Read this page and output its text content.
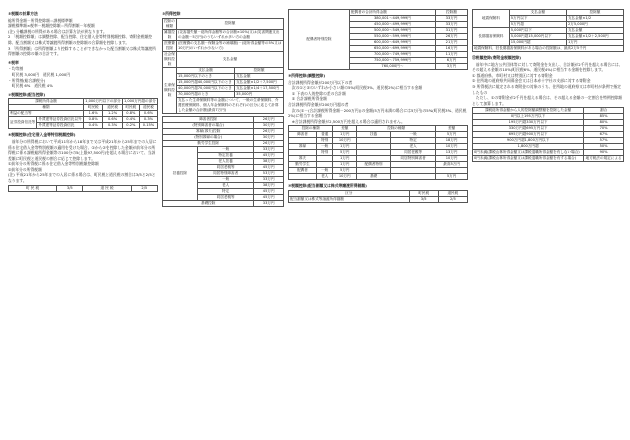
⑤税額の計算方法
総所得金額－所得控除額＝課税標準額
課税標準額×税率－税額控除額＝所得割額－年税額
(注) 分離課税の所得がある場合は計算方法が異なります。
2 「税額控除額」は調整控除、配当控除、住宅借入金等特別税額控除、寄附金税額控除、配当割額又は株式等譲渡所得割額の控除額の合算額を控除します。
3 「所得割額」は所得割額より控除することができなかった配当割額又は株式等譲渡所得割額の控除の額の合計です。
⑥税率
・均等割
　町民税 3,000円　道民税 1,000円
・所得割(総合課税分)
　町民税 6%　道民税 4%
⑦税額控除(配当控除)
課税所得金額		1,000万円以下の部分		1,000万円超の部分	
種類		町民税	道民税	町民税	道民税
利益の配当等		1.6%	1.2%	0.8%	0.6%
証券投資信託等	外貨建等証券投資信託以外	0.8%	0.6%	0.4%	0.3%
	外貨建等証券投資信託	0.4%	0.3%	0.2%	0.15%
⑧税額控除(住宅借入金等特別税額控除)
　前年分の所得税において平成11年から18年まで又は平成21年から25年までの入居に係る住宅借入金等特別税額の適用を受けた場合、①から②を控除した金額が前年分の所得税に係る課税総所得金額等の100分の5(上限97,500円)を超える場合において、当該差額に町民税と道民税の割合に応じて控除します。
①前年分の所得税に係る住宅借入金等特別税額控除額
②前年分の所得税額
(注) 平成21年から25年までの入居に係る場合は、町民税と道民税の割合は3/5と2/5となります。
町 民 税	3/5	道 民 税	2/5
③所得控除
控除の種類	控除額	
雑損控除	(災害損失額－総所得金額等の合計額×10%)又は(災害関連支出の金額－5万円)のうちいずれか多い方の金額	
医療費控除	(医療費の支払額－保険金等の補填額)－(総所得金額等の5%又は10万円のいずれか少ない方)	
社会保険料控除	支払金額	
生命保険料控除	支払金額	控除額
	15,000円以下のとき	支払金額
	15,000円超40,000円以下のとき	支払金額×1/2＋7,500円
	40,000円超70,000円以下のとき	支払金額×1/4＋17,500円
	70,000円超のとき	35,000円
	支払った生命保険料等の金額について、一般の生命保険料、介護医療保険料、個人年金保険料のそれぞれの区分に応じて計算した金額の合計額(最高7万円)	
障害者控除		26万円
(特別障害者の場合)		30万円
寡婦(寡夫)控除		26万円
(特別寡婦の場合)		30万円
勤労学生控除		26万円
扶養控除	一般	33万円
	特定扶養	45万円
	老人扶養	38万円
	同居老親等	45万円
	同居特別障害者	53万円
	一般	33万円
	老人	38万円
	特定	45万円
	同居老親等	45万円
基礎控除		33万円
配偶者特別控除	配偶者の合計所得金額	控除額
	380,001～449,999円	33万円
	450,000～499,999円	33万円
	500,000～549,999円	31万円
	550,000～599,999円	26万円
	600,000～649,999円	21万円
	650,000～699,999円	16万円
	700,000～749,999円	11万円
	750,000～759,999円	6万円
	760,000円～	3万円
⑨所得控除(調整控除)
合計課税所得金額が200万円以下の者
　次の①と②のいずれか小さい額の5%(町民税3%、道民税2%)に相当する金額
　① 下表の人的控除の差の合計額
　② 合計課税所得金額
合計課税所得金額が200万円超の者
　次の(①－(合計課税所得金額－200万円))の金額(5万円未満の場合には5万円)の5%(町民税3%、道民税2%)に相当する金額
　※合計課税所得金額が2,500万円を超える場合は適用されません。
控除の種類		差額	控除の種類		差額
障害者	普通	1万円	扶養	一般	5万円
	特別	10万円		特定	18万円
寡婦	一般	1万円		老人	10万円
	特別	5万円		同居老親等	13万円
寡夫		1万円		同居特別障害者	10万円
勤労学生		1万円	配偶者特別		最高5万円
配偶者	一般	5万円			
	老人	10万円	基礎		5万円
⑩税額控除(配当割額又は株式等譲渡所得割額)
区分	町民税	道民税
配当割額又は株式等譲渡所得割額	3/5	2/5
地震保険料	支払金額	控除額
	5万円以下	支払金額×1/2
	5万円超	2万5,000円
長期損害保険料	5,000円以下	支払金額
	5,000円超15,000円以下	支払金額×1/2＋2,500円
	15,000円超	1万円
地震保険料、旧長期損害保険料がある場合の控除額は、最高2万5千円		
⑪税額控除(寄附金税額控除)
　前年中に地方公共団体等に対して寄附金を支出し、合計額が2千円を超える場合には、その超える金額の10%(町民税6%、道民税4%)に相当する金額を控除します。
① 都道府県、市町村又は特別区に対する寄附金
② 住所地の道府県共同募金会又は日本赤十字社の支部に対する寄附金
③ 所得税法に規定される寄附金の対象のうち、住所地の道府県又は市町村が条例で指定したもの
　ただし、①の寄附金が2千円を超える場合は、その超える金額の一定割合を特例控除額として加算します。
課税総所得金額から人的控除額調整額を控除した金額	割合
0円以上195万円以下	85%
195万円超330万円以下	80%
330万円超695万円以下	70%
695万円超900万円以下	67%
900万円超1,800万円以下	57%
1,800万円超	50%
0円未満(課税山林所得金額又は課税退職所得金額を有しない場合)	90%
0円未満(課税山林所得金額又は課税退職所得金額を有する場合)	地方税法の規定による
